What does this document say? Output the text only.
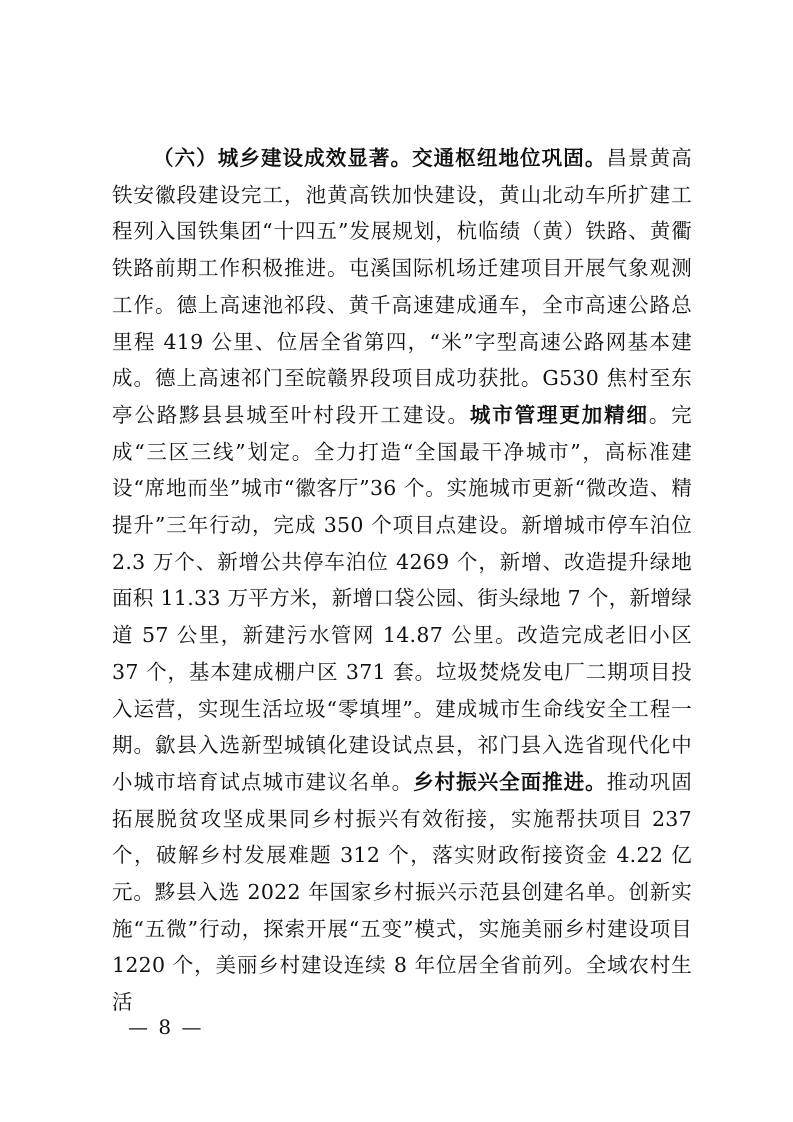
（六）城乡建设成效显著。交通枢纽地位巩固。昌景黄高铁安徽段建设完工，池黄高铁加快建设，黄山北动车所扩建工程列入国铁集团“十四五”发展规划，杭临绩（黄）铁路、黄衢铁路前期工作积极推进。屯溪国际机场迁建项目开展气象观测工作。德上高速池祁段、黄千高速建成通车，全市高速公路总里程 419 公里、位居全省第四，“米”字型高速公路网基本建成。德上高速祁门至皖赣界段项目成功获批。G530 焦村至东亭公路黟县县城至叶村段开工建设。城市管理更加精细。完成“三区三线”划定。全力打造“全国最干净城市”，高标准建设“席地而坐”城市“徽客厅”36 个。实施城市更新“微改造、精提升”三年行动，完成 350 个项目点建设。新增城市停车泊位 2.3 万个、新增公共停车泊位 4269 个，新增、改造提升绿地面积 11.33 万平方米，新增口袋公园、街头绿地 7 个，新增绿道 57 公里，新建污水管网 14.87 公里。改造完成老旧小区 37 个，基本建成棚户区 371 套。垃圾焚烧发电厂二期项目投入运营，实现生活垃圾“零填埋”。建成城市生命线安全工程一期。歙县入选新型城镇化建设试点县，祁门县入选省现代化中小城市培育试点城市建议名单。乡村振兴全面推进。推动巩固拓展脱贫攻坚成果同乡村振兴有效衔接，实施帮扶项目 237 个，破解乡村发展难题 312 个，落实财政衔接资金 4.22 亿元。黟县入选 2022 年国家乡村振兴示范县创建名单。创新实施“五微”行动，探索开展“五变”模式，实施美丽乡村建设项目 1220 个，美丽乡村建设连续 8 年位居全省前列。全域农村生活

— 8 —
